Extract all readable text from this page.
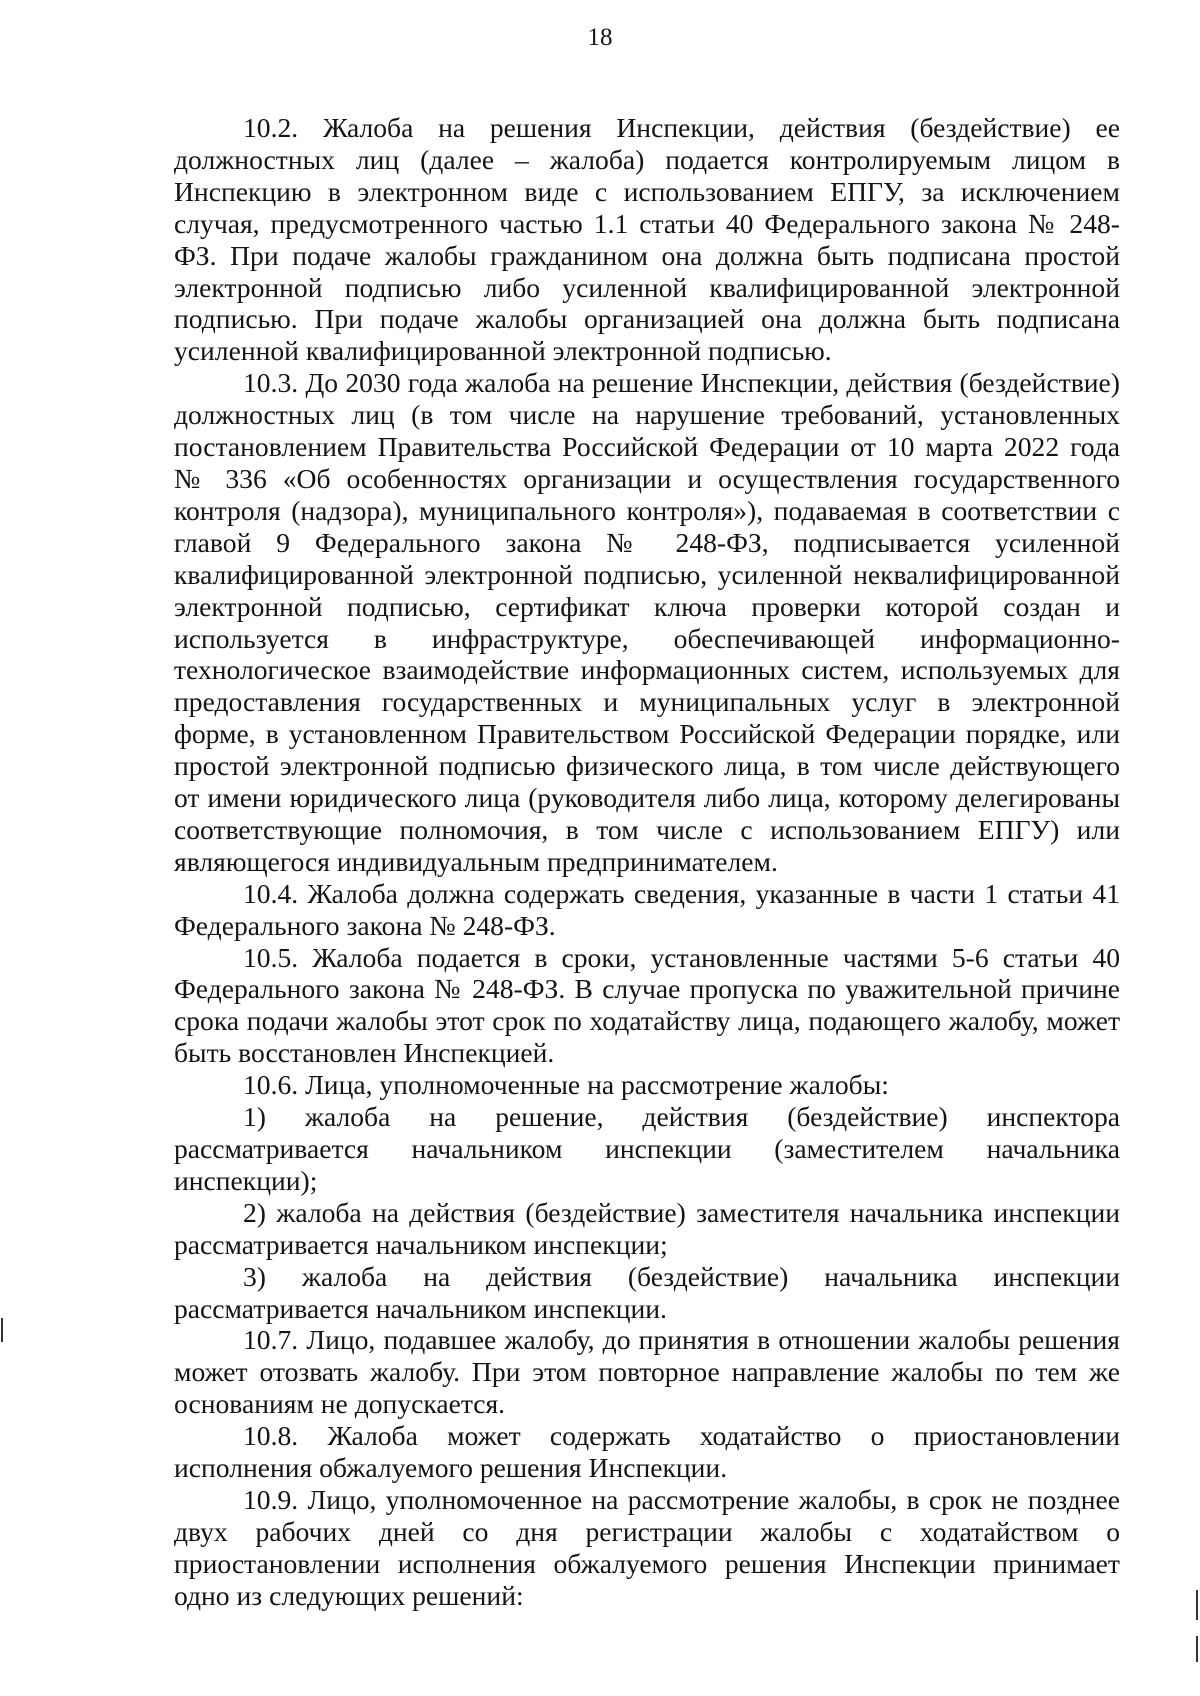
18

10.2. Жалоба на решения Инспекции, действия (бездействие) ее должностных лиц (далее – жалоба) подается контролируемым лицом в Инспекцию в электронном виде с использованием ЕПГУ, за исключением случая, предусмотренного частью 1.1 статьи 40 Федерального закона № 248-ФЗ. При подаче жалобы гражданином она должна быть подписана простой электронной подписью либо усиленной квалифицированной электронной подписью. При подаче жалобы организацией она должна быть подписана усиленной квалифицированной электронной подписью.

10.3. До 2030 года жалоба на решение Инспекции, действия (бездействие) должностных лиц (в том числе на нарушение требований, установленных постановлением Правительства Российской Федерации от 10 марта 2022 года № 336 «Об особенностях организации и осуществления государственного контроля (надзора), муниципального контроля»), подаваемая в соответствии с главой 9 Федерального закона № 248-ФЗ, подписывается усиленной квалифицированной электронной подписью, усиленной неквалифицированной электронной подписью, сертификат ключа проверки которой создан и используется в инфраструктуре, обеспечивающей информационно-технологическое взаимодействие информационных систем, используемых для предоставления государственных и муниципальных услуг в электронной форме, в установленном Правительством Российской Федерации порядке, или простой электронной подписью физического лица, в том числе действующего от имени юридического лица (руководителя либо лица, которому делегированы соответствующие полномочия, в том числе с использованием ЕПГУ) или являющегося индивидуальным предпринимателем.

10.4. Жалоба должна содержать сведения, указанные в части 1 статьи 41 Федерального закона № 248-ФЗ.

10.5. Жалоба подается в сроки, установленные частями 5-6 статьи 40 Федерального закона № 248-ФЗ. В случае пропуска по уважительной причине срока подачи жалобы этот срок по ходатайству лица, подающего жалобу, может быть восстановлен Инспекцией.

10.6. Лица, уполномоченные на рассмотрение жалобы:

1) жалоба на решение, действия (бездействие) инспектора рассматривается начальником инспекции (заместителем начальника инспекции);

2) жалоба на действия (бездействие) заместителя начальника инспекции рассматривается начальником инспекции;

3) жалоба на действия (бездействие) начальника инспекции рассматривается начальником инспекции.

10.7. Лицо, подавшее жалобу, до принятия в отношении жалобы решения может отозвать жалобу. При этом повторное направление жалобы по тем же основаниям не допускается.

10.8. Жалоба может содержать ходатайство о приостановлении исполнения обжалуемого решения Инспекции.

10.9. Лицо, уполномоченное на рассмотрение жалобы, в срок не позднее двух рабочих дней со дня регистрации жалобы с ходатайством о приостановлении исполнения обжалуемого решения Инспекции принимает одно из следующих решений:
